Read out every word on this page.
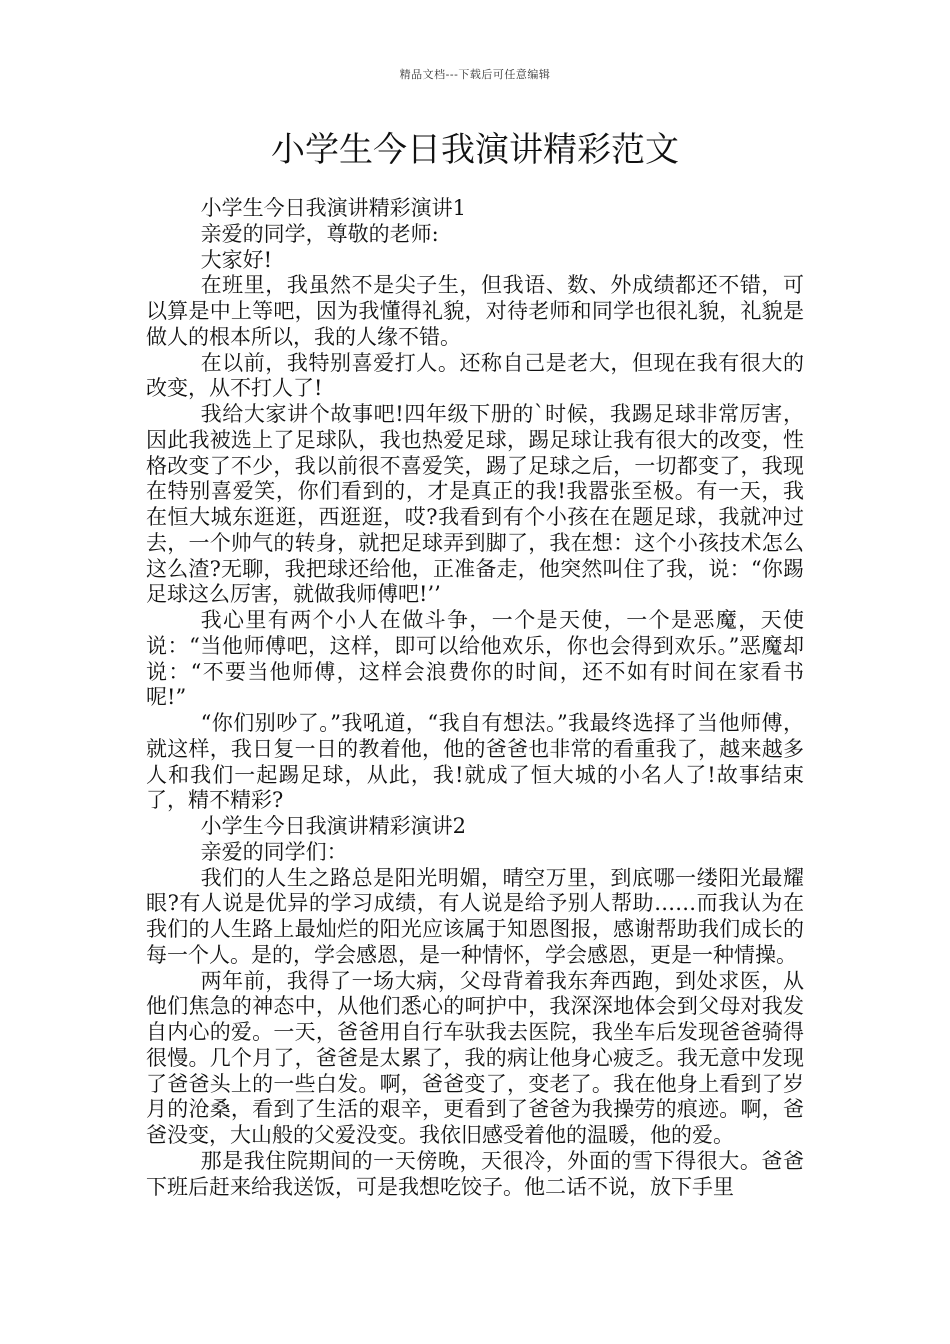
精品文档---下载后可任意编辑
小学生今日我演讲精彩范文

小学生今日我演讲精彩演讲1

亲爱的同学，尊敬的老师:

大家好!

在班里，我虽然不是尖子生，但我语、数、外成绩都还不错，可以算是中上等吧，因为我懂得礼貌，对待老师和同学也很礼貌，礼貌是做人的根本所以，我的人缘不错。

在以前，我特别喜爱打人。还称自己是老大，但现在我有很大的改变，从不打人了!

我给大家讲个故事吧!四年级下册的`时候，我踢足球非常厉害，因此我被选上了足球队，我也热爱足球，踢足球让我有很大的改变，性格改变了不少，我以前很不喜爱笑，踢了足球之后，一切都变了，我现在特别喜爱笑，你们看到的，才是真正的我!我嚣张至极。有一天，我在恒大城东逛逛，西逛逛，哎?我看到有个小孩在在题足球，我就冲过去，一个帅气的转身，就把足球弄到脚了，我在想：这个小孩技术怎么这么渣?无聊，我把球还给他，正准备走，他突然叫住了我，说：“你踢足球这么厉害，就做我师傅吧!’’

我心里有两个小人在做斗争，一个是天使，一个是恶魔，天使说：“当他师傅吧，这样，即可以给他欢乐，你也会得到欢乐。”恶魔却说：“不要当他师傅，这样会浪费你的时间，还不如有时间在家看书呢!”

“你们别吵了。”我吼道，“我自有想法。”我最终选择了当他师傅，就这样，我日复一日的教着他，他的爸爸也非常的看重我了，越来越多人和我们一起踢足球，从此，我!就成了恒大城的小名人了!故事结束了，精不精彩?

小学生今日我演讲精彩演讲2

亲爱的同学们：

我们的人生之路总是阳光明媚，晴空万里，到底哪一缕阳光最耀眼?有人说是优异的学习成绩，有人说是给予别人帮助……而我认为在我们的人生路上最灿烂的阳光应该属于知恩图报，感谢帮助我们成长的每一个人。是的，学会感恩，是一种情怀，学会感恩，更是一种情操。

两年前，我得了一场大病，父母背着我东奔西跑，到处求医，从他们焦急的神态中，从他们悉心的呵护中，我深深地体会到父母对我发自内心的爱。一天，爸爸用自行车驮我去医院，我坐车后发现爸爸骑得很慢。几个月了，爸爸是太累了，我的病让他身心疲乏。我无意中发现了爸爸头上的一些白发。啊，爸爸变了，变老了。我在他身上看到了岁月的沧桑，看到了生活的艰辛，更看到了爸爸为我操劳的痕迹。啊，爸爸没变，大山般的父爱没变。我依旧感受着他的温暖，他的爱。

那是我住院期间的一天傍晚，天很冷，外面的雪下得很大。爸爸下班后赶来给我送饭，可是我想吃饺子。他二话不说，放下手里
